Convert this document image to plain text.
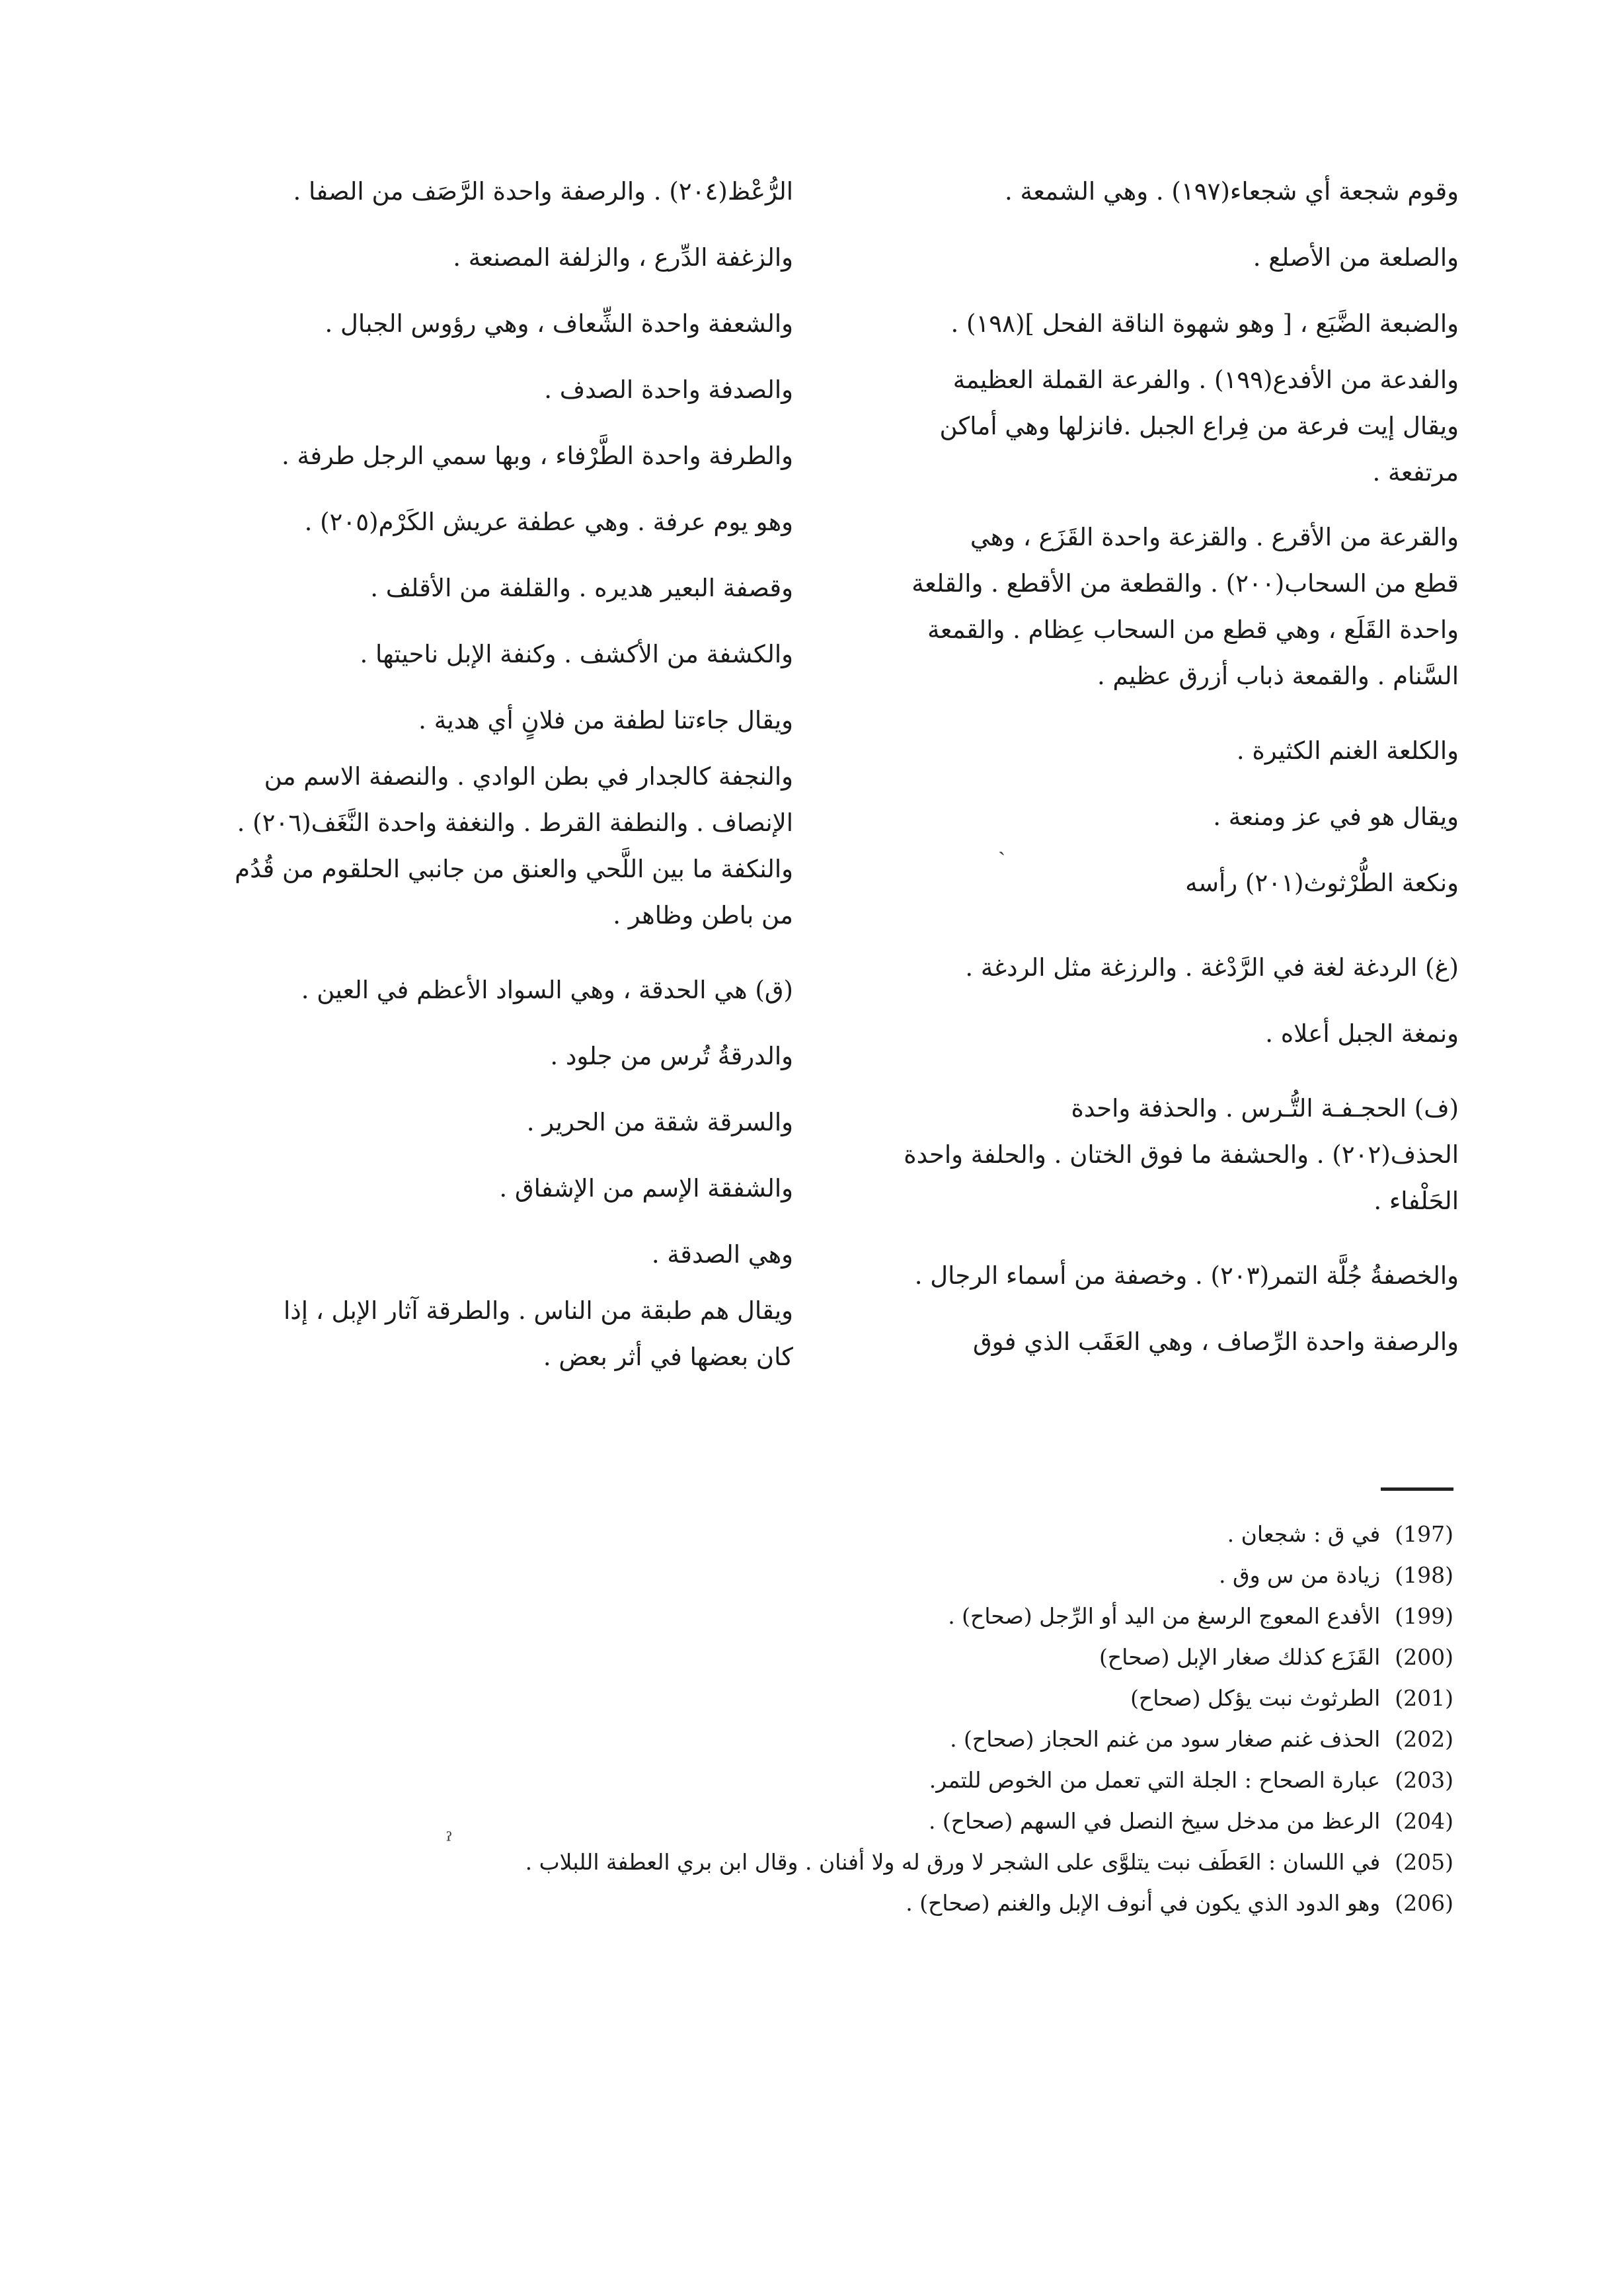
وقوم شجعة أي شجعاء(١٩٧) . وهي الشمعة .
والصلعة من الأصلع .
والضبعة الضَّبَع ، [ وهو شهوة الناقة الفحل ](١٩٨) .
والفدعة من الأفدع(١٩٩) . والفرعة القملة العظيمة
ويقال إيت فرعة من فِراع الجبل .فانزلها وهي أماكن
مرتفعة .
والقرعة من الأقرع . والقزعة واحدة القَزَع ، وهي
قطع من السحاب(٢٠٠) . والقطعة من الأقطع . والقلعة
واحدة القَلَع ، وهي قطع من السحاب عِظام . والقمعة
السَّنام . والقمعة ذباب أزرق عظيم .
والكلعة الغنم الكثيرة .
ويقال هو في عز ومنعة .
ونكعة الطُّرْثوث(٢٠١) رأسه
(غ) الردغة لغة في الرَّدْغة . والرزغة مثل الردغة .
ونمغة الجبل أعلاه .
(ف) الحجـفـة التُّـرس . والحذفة واحدة
الحذف(٢٠٢) . والحشفة ما فوق الختان . والحلفة واحدة
الحَلْفاء .
والخصفةُ جُلَّة التمر(٢٠٣) . وخصفة من أسماء الرجال .
والرصفة واحدة الرِّصاف ، وهي العَقَب الذي فوق
الرُّعْظ(٢٠٤) . والرصفة واحدة الرَّصَف من الصفا .
والزغفة الدِّرع ، والزلفة المصنعة .
والشعفة واحدة الشِّعاف ، وهي رؤوس الجبال .
والصدفة واحدة الصدف .
والطرفة واحدة الطَّرْفاء ، وبها سمي الرجل طرفة .
وهو يوم عرفة . وهي عطفة عريش الكَرْم(٢٠٥) .
وقصفة البعير هديره . والقلفة من الأقلف .
والكشفة من الأكشف . وكنفة الإبل ناحيتها .
ويقال جاءتنا لطفة من فلانٍ أي هدية .
والنجفة كالجدار في بطن الوادي . والنصفة الاسم من
الإنصاف . والنطفة القرط . والنغفة واحدة النَّغَف(٢٠٦) .
والنكفة ما بين اللَّحي والعنق من جانبي الحلقوم من قُدُم
من باطن وظاهر .
(ق) هي الحدقة ، وهي السواد الأعظم في العين .
والدرقةُ تُرس من جلود .
والسرقة شقة من الحرير .
والشفقة الإسم من الإشفاق .
وهي الصدقة .
ويقال هم طبقة من الناس . والطرقة آثار الإبل ، إذا
كان بعضها في أثر بعض .
(197)في ق : شجعان .
(198)زيادة من س وق .
(199)الأفدع المعوج الرسغ من اليد أو الرِّجل (صحاح) .
(200)القَزَع كذلك صغار الإبل (صحاح)
(201)الطرثوث نبت يؤكل (صحاح)
(202)الحذف غنم صغار سود من غنم الحجاز (صحاح) .
(203)عبارة الصحاح : الجلة التي تعمل من الخوص للتمر.
(204)الرعظ من مدخل سيخ النصل في السهم (صحاح) .
(205)في اللسان : العَطَف نبت يتلوَّى على الشجر لا ورق له ولا أفنان . وقال ابن بري العطفة اللبلاب .
(206)وهو الدود الذي يكون في أنوف الإبل والغنم (صحاح) .
ˏ
ˀ
